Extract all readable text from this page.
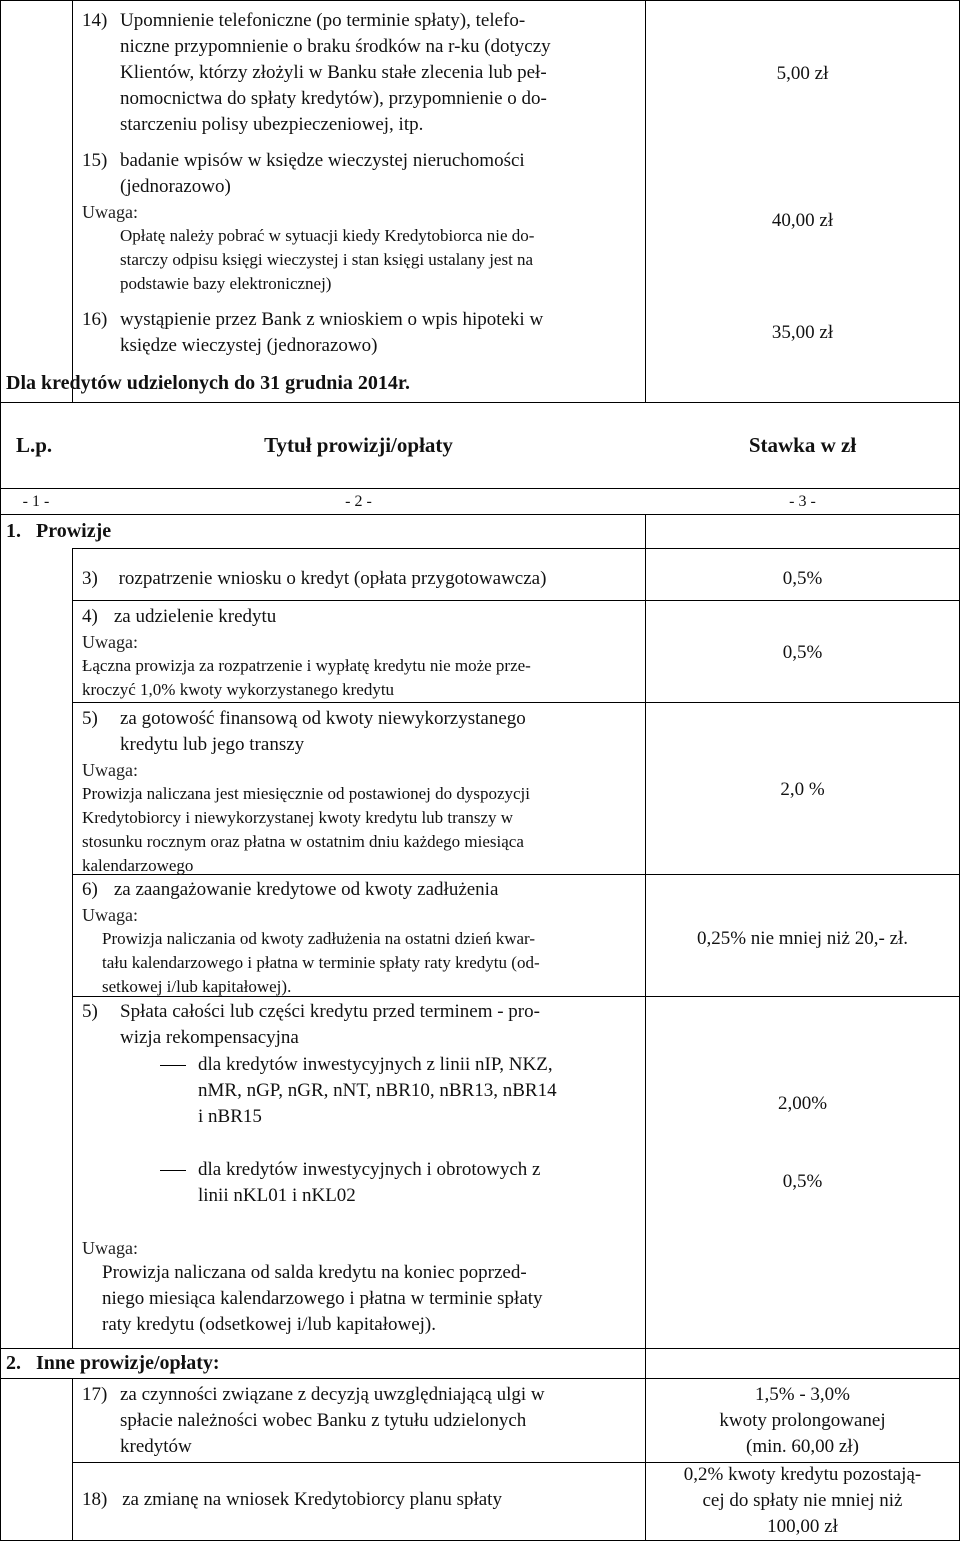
14) Upomnienie telefoniczne (po terminie spłaty), telefo-
niczne przypomnienie o braku środków na r-ku (dotyczy
Klientów, którzy złożyli w Banku stałe zlecenia lub peł-
nomocnictwa do spłaty kredytów), przypomnienie o do-
starczeniu polisy ubezpieczeniowej, itp.
5,00 zł
15) badanie wpisów w księdze wieczystej nieruchomości
(jednorazowo)
Uwaga:
Opłatę należy pobrać w sytuacji kiedy Kredytobiorca nie do-
starczy odpisu księgi wieczystej i stan księgi ustalany jest na
podstawie bazy elektronicznej)
40,00 zł
16) wystąpienie przez Bank z wnioskiem o wpis hipoteki w
księdze wieczystej (jednorazowo)
35,00 zł
Dla kredytów udzielonych do 31 grudnia 2014r.
L.p.	Tytuł prowizji/opłaty	Stawka w zł
- 1 -	- 2 -	- 3 -
1.   Prowizje
3) rozpatrzenie wniosku o kredyt (opłata przygotowawcza)	0,5%
4) za udzielenie kredytu
Uwaga:
Łączna prowizja za rozpatrzenie i wypłatę kredytu nie może prze-
kroczyć 1,0% kwoty wykorzystanego kredytu
0,5%
5) za gotowość finansową od kwoty niewykorzystanego
kredytu lub jego transzy
Uwaga:
Prowizja naliczana jest miesięcznie od postawionej do dyspozycji
Kredytobiorcy i niewykorzystanej kwoty kredytu lub transzy w
stosunku rocznym oraz płatna w ostatnim dniu każdego miesiąca
kalendarzowego
2,0 %
6) za zaangażowanie kredytowe od kwoty zadłużenia
Uwaga:
Prowizja naliczania od kwoty zadłużenia na ostatni dzień kwar-
tału kalendarzowego i płatna w terminie spłaty raty kredytu (od-
setkowej i/lub kapitałowej).
0,25% nie mniej niż 20,- zł.
5) Spłata całości lub części kredytu przed terminem - pro-
wizja rekompensacyjna
dla kredytów inwestycyjnych z linii nIP, NKZ,
nMR, nGP, nGR, nNT, nBR10, nBR13, nBR14
i nBR15
2,00%
dla kredytów inwestycyjnych i obrotowych z
linii nKL01 i nKL02
0,5%
Uwaga:
Prowizja naliczana od salda kredytu na koniec poprzed-
niego miesiąca kalendarzowego i płatna w terminie spłaty
raty kredytu (odsetkowej i/lub kapitałowej).
2.   Inne prowizje/opłaty:
17) za czynności związane z decyzją uwzględniającą ulgi w
spłacie należności wobec Banku z tytułu udzielonych
kredytów
1,5% - 3,0%
kwoty prolongowanej
(min. 60,00 zł)
18) za zmianę na wniosek Kredytobiorcy planu spłaty
0,2% kwoty kredytu pozostają-
cej do spłaty nie mniej niż
100,00 zł
